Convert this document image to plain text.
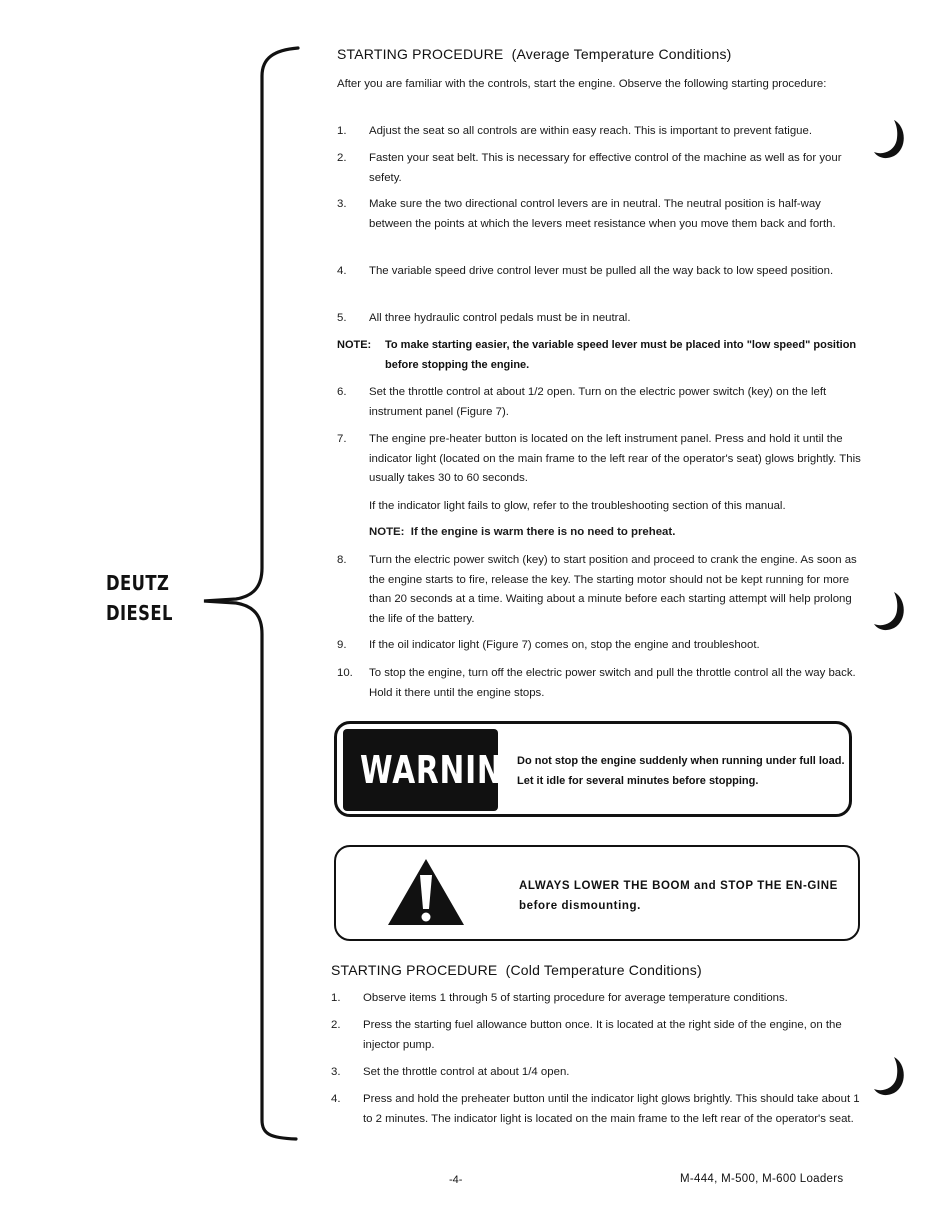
DEUTZ
DIESEL
STARTING PROCEDURE (Average Temperature Conditions)
After you are familiar with the controls, start the engine. Observe the following starting procedure:
1. Adjust the seat so all controls are within easy reach. This is important to prevent fatigue.
2. Fasten your seat belt. This is necessary for effective control of the machine as well as for your sefety.
3. Make sure the two directional control levers are in neutral. The neutral position is half-way between the points at which the levers meet resistance when you move them back and forth.
4. The variable speed drive control lever must be pulled all the way back to low speed position.
5. All three hydraulic control pedals must be in neutral.
NOTE: To make starting easier, the variable speed lever must be placed into "low speed" position before stopping the engine.
6. Set the throttle control at about 1/2 open. Turn on the electric power switch (key) on the left instrument panel (Figure 7).
7. The engine pre-heater button is located on the left instrument panel. Press and hold it until the indicator light (located on the main frame to the left rear of the operator's seat) glows brightly. This usually takes 30 to 60 seconds.
If the indicator light fails to glow, refer to the troubleshooting section of this manual.
NOTE: If the engine is warm there is no need to preheat.
8. Turn the electric power switch (key) to start position and proceed to crank the engine. As soon as the engine starts to fire, release the key. The starting motor should not be kept running for more than 20 seconds at a time. Waiting about a minute before each starting attempt will help prolong the life of the battery.
9. If the oil indicator light (Figure 7) comes on, stop the engine and troubleshoot.
10. To stop the engine, turn off the electric power switch and pull the throttle control all the way back. Hold it there until the engine stops.
WARNING
Do not stop the engine suddenly when running under full load. Let it idle for several minutes before stopping.
ALWAYS LOWER THE BOOM and STOP THE EN-GINE before dismounting.
STARTING PROCEDURE (Cold Temperature Conditions)
1. Observe items 1 through 5 of starting procedure for average temperature conditions.
2. Press the starting fuel allowance button once. It is located at the right side of the engine, on the injector pump.
3. Set the throttle control at about 1/4 open.
4. Press and hold the preheater button until the indicator light glows brightly. This should take about 1 to 2 minutes. The indicator light is located on the main frame to the left rear of the operator's seat.
-4-	M-444, M-500, M-600 Loaders
